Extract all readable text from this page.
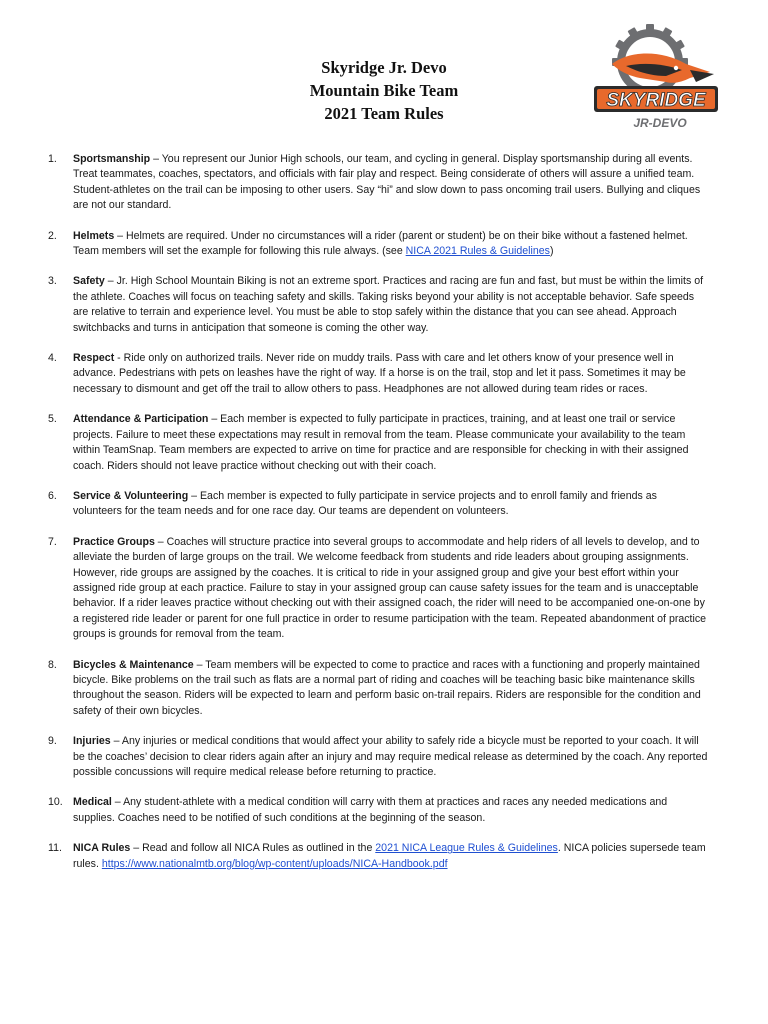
Skyridge Jr. Devo
Mountain Bike Team
2021 Team Rules
SKYRIDGE
JR-DEVO
1.	Sportsmanship – You represent our Junior High schools, our team, and cycling in general. Display sportsmanship during all events. Treat teammates, coaches, spectators, and officials with fair play and respect. Being considerate of others will assure a unified team. Student-athletes on the trail can be imposing to other users. Say “hi” and slow down to pass oncoming trail users. Bullying and cliques are not our standard.
2.	Helmets – Helmets are required. Under no circumstances will a rider (parent or student) be on their bike without a fastened helmet. Team members will set the example for following this rule always. (see NICA 2021 Rules & Guidelines)
3.	Safety – Jr. High School Mountain Biking is not an extreme sport. Practices and racing are fun and fast, but must be within the limits of the athlete. Coaches will focus on teaching safety and skills. Taking risks beyond your ability is not acceptable behavior. Safe speeds are relative to terrain and experience level. You must be able to stop safely within the distance that you can see ahead. Approach switchbacks and turns in anticipation that someone is coming the other way.
4.	Respect - Ride only on authorized trails. Never ride on muddy trails. Pass with care and let others know of your presence well in advance. Pedestrians with pets on leashes have the right of way. If a horse is on the trail, stop and let it pass. Sometimes it may be necessary to dismount and get off the trail to allow others to pass. Headphones are not allowed during team rides or races.
5.	Attendance & Participation – Each member is expected to fully participate in practices, training, and at least one trail or service projects. Failure to meet these expectations may result in removal from the team. Please communicate your availability to the team within TeamSnap. Team members are expected to arrive on time for practice and are responsible for checking in with their assigned coach. Riders should not leave practice without checking out with their coach.
6.	Service & Volunteering – Each member is expected to fully participate in service projects and to enroll family and friends as volunteers for the team needs and for one race day. Our teams are dependent on volunteers.
7.	Practice Groups – Coaches will structure practice into several groups to accommodate and help riders of all levels to develop, and to alleviate the burden of large groups on the trail. We welcome feedback from students and ride leaders about grouping assignments. However, ride groups are assigned by the coaches. It is critical to ride in your assigned group and give your best effort within your assigned ride group at each practice. Failure to stay in your assigned group can cause safety issues for the team and is unacceptable behavior. If a rider leaves practice without checking out with their assigned coach, the rider will need to be accompanied one-on-one by a registered ride leader or parent for one full practice in order to resume participation with the team. Repeated abandonment of practice groups is grounds for removal from the team.
8.	Bicycles & Maintenance – Team members will be expected to come to practice and races with a functioning and properly maintained bicycle. Bike problems on the trail such as flats are a normal part of riding and coaches will be teaching basic bike maintenance skills throughout the season. Riders will be expected to learn and perform basic on-trail repairs. Riders are responsible for the condition and safety of their own bicycles.
9.	Injuries – Any injuries or medical conditions that would affect your ability to safely ride a bicycle must be reported to your coach. It will be the coaches’ decision to clear riders again after an injury and may require medical release as determined by the coach. Any reported possible concussions will require medical release before returning to practice.
10. Medical – Any student-athlete with a medical condition will carry with them at practices and races any needed medications and supplies. Coaches need to be notified of such conditions at the beginning of the season.
11.	NICA Rules – Read and follow all NICA Rules as outlined in the 2021 NICA League Rules & Guidelines. NICA policies supersede team rules. https://www.nationalmtb.org/blog/wp-content/uploads/NICA-Handbook.pdf
